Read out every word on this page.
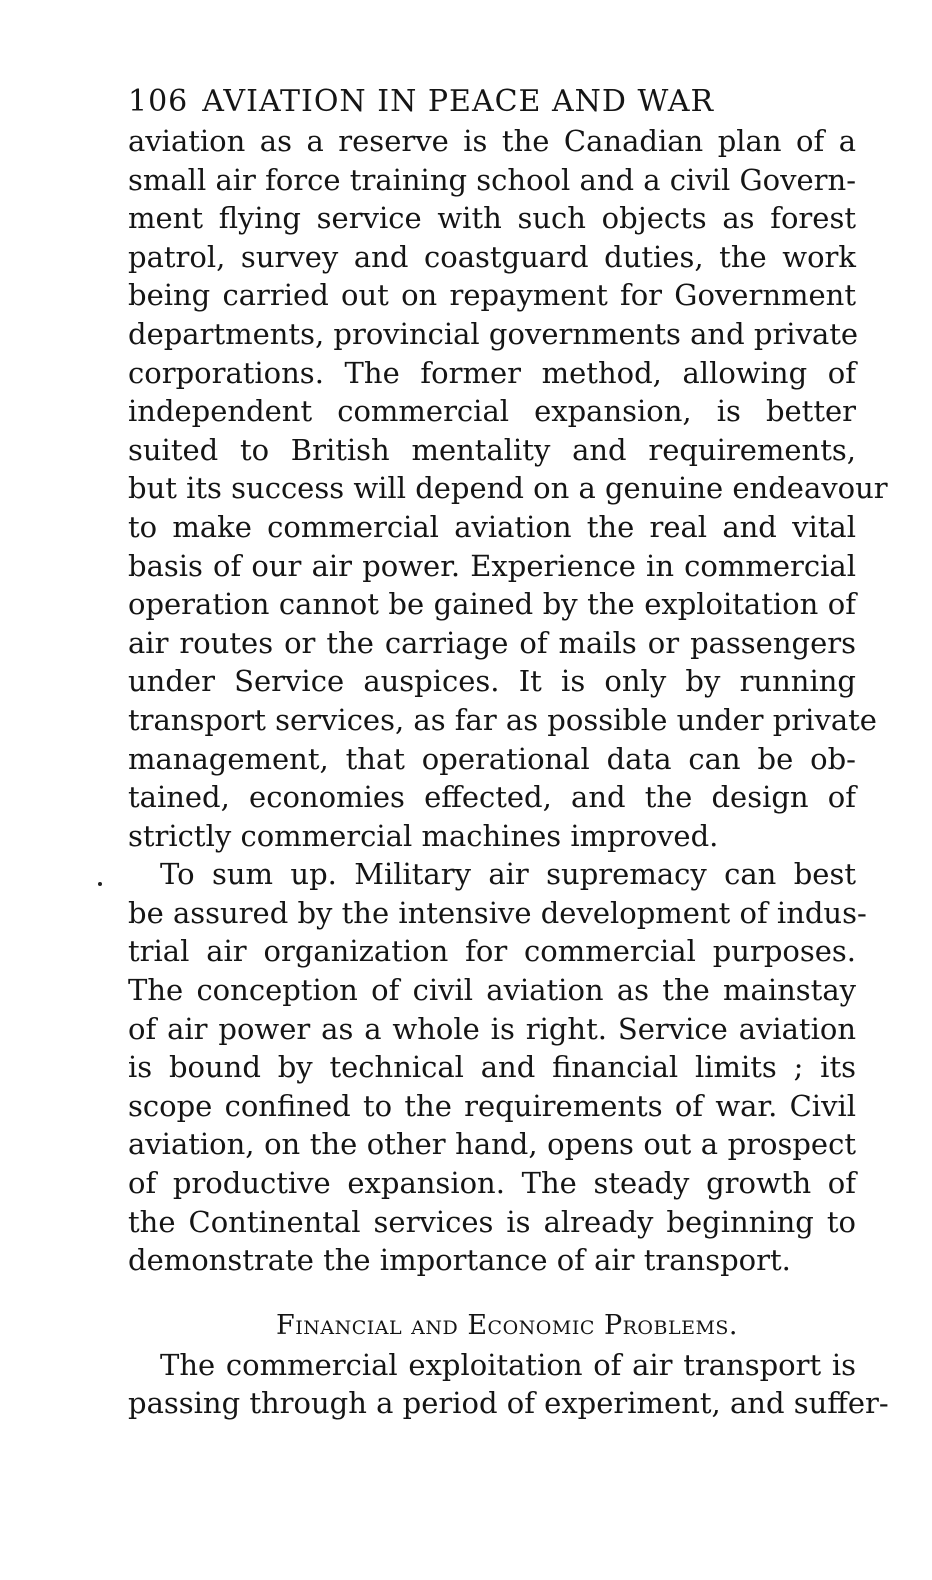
106 AVIATION IN PEACE AND WAR
aviation as a reserve is the Canadian plan of a
small air force training school and a civil Govern-
ment flying service with such objects as forest
patrol, survey and coastguard duties, the work
being carried out on repayment for Government
departments, provincial governments and private
corporations. The former method, allowing of
independent commercial expansion, is better
suited to British mentality and requirements,
but its success will depend on a genuine endeavour
to make commercial aviation the real and vital
basis of our air power. Experience in commercial
operation cannot be gained by the exploitation of
air routes or the carriage of mails or passengers
under Service auspices. It is only by running
transport services, as far as possible under private
management, that operational data can be ob-
tained, economies effected, and the design of
strictly commercial machines improved.
To sum up. Military air supremacy can best
be assured by the intensive development of indus-
trial air organization for commercial purposes.
The conception of civil aviation as the mainstay
of air power as a whole is right. Service aviation
is bound by technical and financial limits ; its
scope confined to the requirements of war. Civil
aviation, on the other hand, opens out a prospect
of productive expansion. The steady growth of
the Continental services is already beginning to
demonstrate the importance of air transport.
Financial and Economic Problems.
The commercial exploitation of air transport is
passing through a period of experiment, and suffer-
